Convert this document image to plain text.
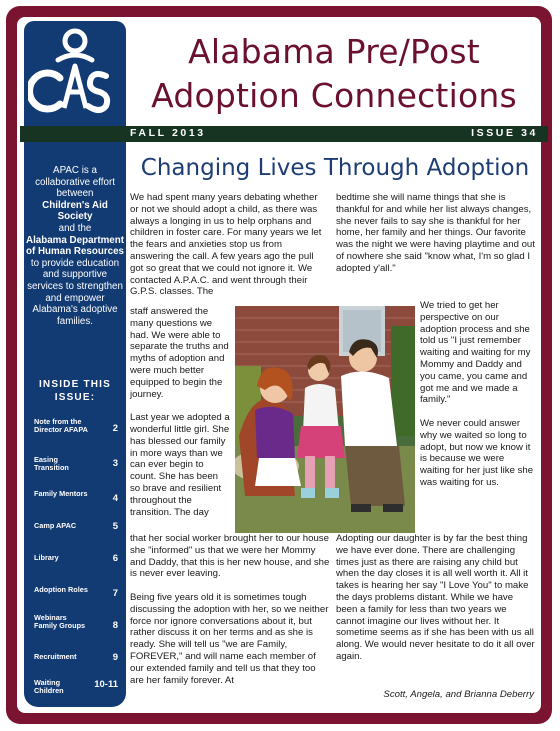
Alabama Pre/Post
Adoption Connections
FALL 2013	ISSUE 34
APAC is a collaborative effort between
Children's Aid Society
and the
Alabama Department of Human Resources
to provide education and supportive services to strengthen and empower Alabama's adoptive families.
INSIDE THIS ISSUE:
Note from the Director AFAPA	2
Easing Transition	3
Family Mentors	4
Camp APAC	5
Library	6
Adoption Roles	7
Webinars Family Groups	8
Recruitment	9
Waiting Children
10-11
Changing Lives Through Adoption
We had spent many years debating whether or not we should adopt a child, as there was always a longing in us to help orphans and children in foster care. For many years we let the fears and anxieties stop us from answering the call. A few years ago the pull got so great that we could not ignore it. We contacted A.P.A.C. and went through their G.P.S. classes. The
staff answered the many questions we had. We were able to separate the truths and myths of adoption and were much better equipped to begin the journey.

Last year we adopted a wonderful little girl. She has blessed our family in more ways than we can ever begin to count. She has been so brave and resilient throughout the transition. The day
that her social worker brought her to our house she "informed" us that we were her Mommy and Daddy, that this is her new house, and she is never ever leaving.

Being five years old it is sometimes tough discussing the adoption with her, so we neither force nor ignore conversations about it, but rather discuss it on her terms and as she is ready. She will tell us "we are Family, FOREVER," and will name each member of our extended family and tell us that they too are her family forever. At
bedtime she will name things that she is thankful for and while her list always changes, she never fails to say she is thankful for her home, her family and her things. Our favorite was the night we were having playtime and out of nowhere she said "know what, I'm so glad I adopted y'all."
We tried to get her perspective on our adoption process and she told us "I just remember waiting and waiting for my Mommy and Daddy and you came, you came and got me and we made a family."

We never could answer why we waited so long to adopt, but now we know it is because we were waiting for her just like she was waiting for us.
Adopting our daughter is by far the best thing we have ever done. There are challenging times just as there are raising any child but when the day closes it is all well worth it. All it takes is hearing her say "I Love You" to make the days problems distant. While we have been a family for less than two years we cannot imagine our lives without her. It sometime seems as if she has been with us all along. We would never hesitate to do it all over again.
Scott, Angela, and Brianna Deberry
